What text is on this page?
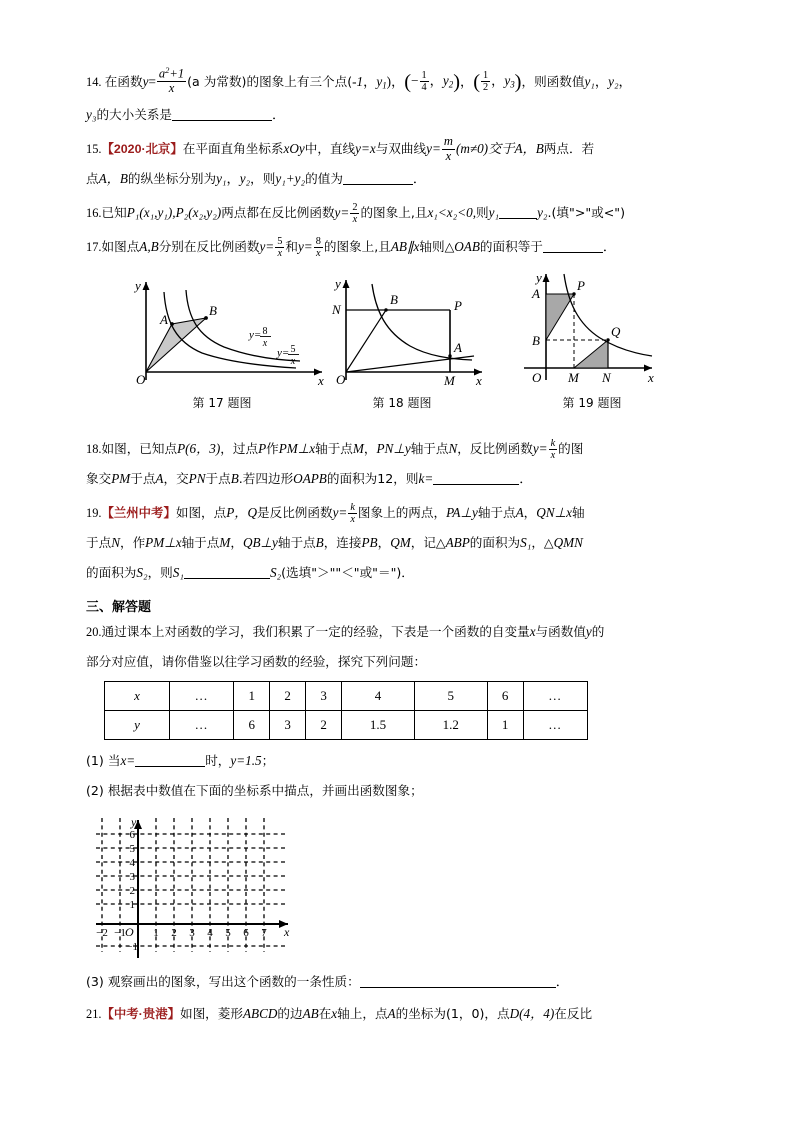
14. 在函数$y= \frac{a^2+1}{x} (a$ 为常数)的图象上有三个点(-1，$y_1$)，(− $\frac{1}{4}$ ，$y_2$)，( $\frac{1}{2}$ ，$y_3$)，则函数值y₁，y₂，
y₃的大小关系是	．
15.【2020·北京】在平面直角坐标系xOy中，直线y=x与双曲线$y= \frac{m}{x} (m\ne 0)$交于A，B两点．若
点A，B的纵坐标分别为y₁，y₂，则y₁+y₂的值为	．
16.已知P₁(x₁,y₁),P₂(x₂,y₂)两点都在反比例函数$y= \frac{2}{x}$ 的图象上,且x₁<x₂<0,则y₁	y₂.(填">"或<")
17.如图点A,B分别在反比例函数$y= \frac{5}{x}$ 和$y= \frac{8}{x}$ 的图象上,且AB∥x轴则△OAB的面积等于	．
A
B
O	x
y
y= 8
x
y= 5
x
第 17 题图
B
N	P
A
M
O	x
y
第 18 题图
A
P
B
Q
O M N	x
y
第 19 题图
18.如图，已知点P(6，3)，过点P作PM⊥x轴于点M，PN⊥y轴于点N，反比例函数$y= \frac{k}{x}$ 的图
象交PM于点A，交PN于点B.若四边形OAPB的面积为12，则k=	．
19.【兰州中考】如图，点P，Q是反比例函数$y= \frac{k}{x}$ 图象上的两点，PA⊥y轴于点A，QN⊥x轴
于点N，作PM⊥x轴于点M，QB⊥y轴于点B，连接PB，QM，记△ABP的面积为S₁，△QMN
的面积为S₂，则S₁	S₂(选填"＞""＜"或"＝")．
三、解答题
20.通过课本上对函数的学习，我们积累了一定的经验，下表是一个函数的自变量x与函数值y的
部分对应值，请你借鉴以往学习函数的经验，探究下列问题：
x	…	1	2	3	4	5	6	…
y	…	6	3	2	1.5	1.2	1	…
(1) 当x=	时，y=1.5；
(2) 根据表中数值在下面的坐标系中描点，并画出函数图象；
y
x
6
5
4
3
2
1
−1
O
−2 −1 1 2 3 4 5 6 7
(3) 观察画出的图象，写出这个函数的一条性质：	．
21.【中考·贵港】如图，菱形ABCD的边AB在x轴上，点A的坐标为(1，0)，点D(4，4)在反比
